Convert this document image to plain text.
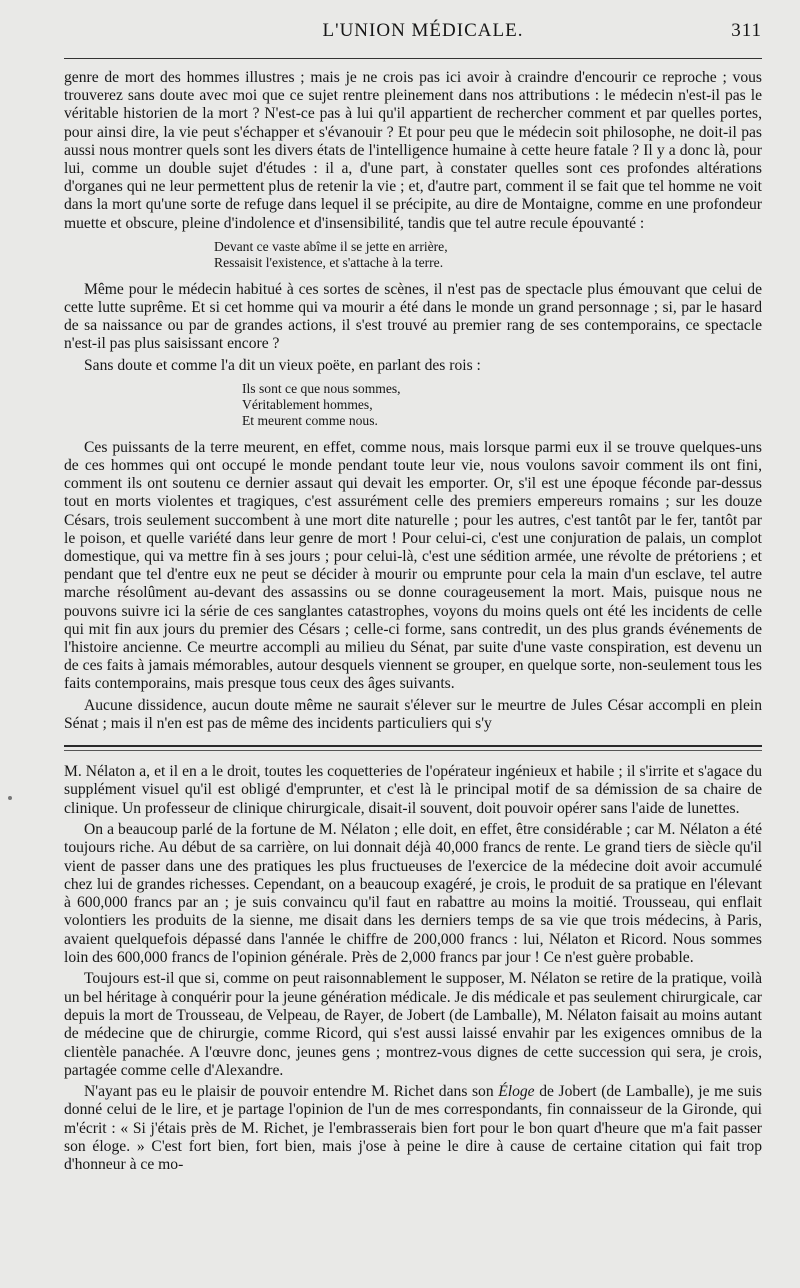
L'UNION MÉDICALE.	311

genre de mort des hommes illustres ; mais je ne crois pas ici avoir à craindre d'encourir ce reproche ; vous trouverez sans doute avec moi que ce sujet rentre pleinement dans nos attributions : le médecin n'est-il pas le véritable historien de la mort ? N'est-ce pas à lui qu'il appartient de rechercher comment et par quelles portes, pour ainsi dire, la vie peut s'échapper et s'évanouir ? Et pour peu que le médecin soit philosophe, ne doit-il pas aussi nous montrer quels sont les divers états de l'intelligence humaine à cette heure fatale ? Il y a donc là, pour lui, comme un double sujet d'études : il a, d'une part, à constater quelles sont ces profondes altérations d'organes qui ne leur permettent plus de retenir la vie ; et, d'autre part, comment il se fait que tel homme ne voit dans la mort qu'une sorte de refuge dans lequel il se précipite, au dire de Montaigne, comme en une profondeur muette et obscure, pleine d'indolence et d'insensibilité, tandis que tel autre recule épouvanté :

Devant ce vaste abîme il se jette en arrière,
Ressaisit l'existence, et s'attache à la terre.

Même pour le médecin habitué à ces sortes de scènes, il n'est pas de spectacle plus émouvant que celui de cette lutte suprême. Et si cet homme qui va mourir a été dans le monde un grand personnage ; si, par le hasard de sa naissance ou par de grandes actions, il s'est trouvé au premier rang de ses contemporains, ce spectacle n'est-il pas plus saisissant encore ?

Sans doute et comme l'a dit un vieux poëte, en parlant des rois :

Ils sont ce que nous sommes,
Véritablement hommes,
Et meurent comme nous.

Ces puissants de la terre meurent, en effet, comme nous, mais lorsque parmi eux il se trouve quelques-uns de ces hommes qui ont occupé le monde pendant toute leur vie, nous voulons savoir comment ils ont fini, comment ils ont soutenu ce dernier assaut qui devait les emporter. Or, s'il est une époque féconde par-dessus tout en morts violentes et tragiques, c'est assurément celle des premiers empereurs romains ; sur les douze Césars, trois seulement succombent à une mort dite naturelle ; pour les autres, c'est tantôt par le fer, tantôt par le poison, et quelle variété dans leur genre de mort ! Pour celui-ci, c'est une conjuration de palais, un complot domestique, qui va mettre fin à ses jours ; pour celui-là, c'est une sédition armée, une révolte de prétoriens ; et pendant que tel d'entre eux ne peut se décider à mourir ou emprunte pour cela la main d'un esclave, tel autre marche résolûment au-devant des assassins ou se donne courageusement la mort. Mais, puisque nous ne pouvons suivre ici la série de ces sanglantes catastrophes, voyons du moins quels ont été les incidents de celle qui mit fin aux jours du premier des Césars ; celle-ci forme, sans contredit, un des plus grands événements de l'histoire ancienne. Ce meurtre accompli au milieu du Sénat, par suite d'une vaste conspiration, est devenu un de ces faits à jamais mémorables, autour desquels viennent se grouper, en quelque sorte, non-seulement tous les faits contemporains, mais presque tous ceux des âges suivants.

Aucune dissidence, aucun doute même ne saurait s'élever sur le meurtre de Jules César accompli en plein Sénat ; mais il n'en est pas de même des incidents particuliers qui s'y

M. Nélaton a, et il en a le droit, toutes les coquetteries de l'opérateur ingénieux et habile ; il s'irrite et s'agace du supplément visuel qu'il est obligé d'emprunter, et c'est là le principal motif de sa démission de sa chaire de clinique. Un professeur de clinique chirurgicale, disait-il souvent, doit pouvoir opérer sans l'aide de lunettes.

On a beaucoup parlé de la fortune de M. Nélaton ; elle doit, en effet, être considérable ; car M. Nélaton a été toujours riche. Au début de sa carrière, on lui donnait déjà 40,000 francs de rente. Le grand tiers de siècle qu'il vient de passer dans une des pratiques les plus fructueuses de l'exercice de la médecine doit avoir accumulé chez lui de grandes richesses. Cependant, on a beaucoup exagéré, je crois, le produit de sa pratique en l'élevant à 600,000 francs par an ; je suis convaincu qu'il faut en rabattre au moins la moitié. Trousseau, qui enflait volontiers les produits de la sienne, me disait dans les derniers temps de sa vie que trois médecins, à Paris, avaient quelquefois dépassé dans l'année le chiffre de 200,000 francs : lui, Nélaton et Ricord. Nous sommes loin des 600,000 francs de l'opinion générale. Près de 2,000 francs par jour ! Ce n'est guère probable.

Toujours est-il que si, comme on peut raisonnablement le supposer, M. Nélaton se retire de la pratique, voilà un bel héritage à conquérir pour la jeune génération médicale. Je dis médicale et pas seulement chirurgicale, car depuis la mort de Trousseau, de Velpeau, de Rayer, de Jobert (de Lamballe), M. Nélaton faisait au moins autant de médecine que de chirurgie, comme Ricord, qui s'est aussi laissé envahir par les exigences omnibus de la clientèle panachée. A l'œuvre donc, jeunes gens ; montrez-vous dignes de cette succession qui sera, je crois, partagée comme celle d'Alexandre.

N'ayant pas eu le plaisir de pouvoir entendre M. Richet dans son Éloge de Jobert (de Lamballe), je me suis donné celui de le lire, et je partage l'opinion de l'un de mes correspondants, fin connaisseur de la Gironde, qui m'écrit : « Si j'étais près de M. Richet, je l'embrasserais bien fort pour le bon quart d'heure que m'a fait passer son éloge. » C'est fort bien, fort bien, mais j'ose à peine le dire à cause de certaine citation qui fait trop d'honneur à ce mo-
